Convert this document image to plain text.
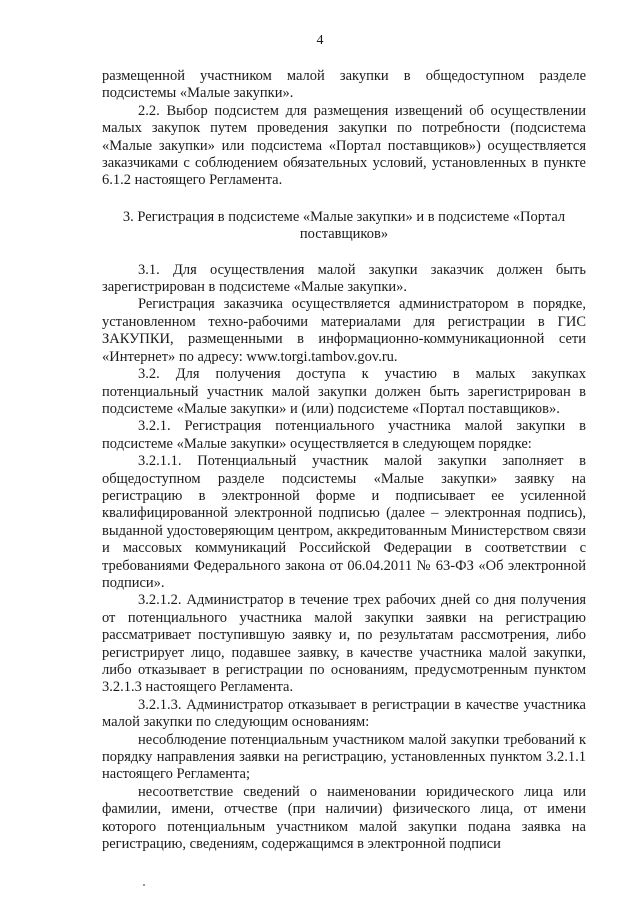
4

размещенной участником малой закупки в общедоступном разделе подсистемы «Малые закупки».

2.2. Выбор подсистем для размещения извещений об осуществлении малых закупок путем проведения закупки по потребности (подсистема «Малые закупки» или подсистема «Портал поставщиков») осуществляется заказчиками с соблюдением обязательных условий, установленных в пункте 6.1.2 настоящего Регламента.

3. Регистрация в подсистеме «Малые закупки» и в подсистеме «Портал поставщиков»

3.1. Для осуществления малой закупки заказчик должен быть зарегистрирован в подсистеме «Малые закупки».

Регистрация заказчика осуществляется администратором в порядке, установленном техно-рабочими материалами для регистрации в ГИС ЗАКУПКИ, размещенными в информационно-коммуникационной сети «Интернет» по адресу: www.torgi.tambov.gov.ru.

3.2. Для получения доступа к участию в малых закупках потенциальный участник малой закупки должен быть зарегистрирован в подсистеме «Малые закупки» и (или) подсистеме «Портал поставщиков».

3.2.1. Регистрация потенциального участника малой закупки в подсистеме «Малые закупки» осуществляется в следующем порядке:

3.2.1.1. Потенциальный участник малой закупки заполняет в общедоступном разделе подсистемы «Малые закупки» заявку на регистрацию в электронной форме и подписывает ее усиленной квалифицированной электронной подписью (далее – электронная подпись), выданной удостоверяющим центром, аккредитованным Министерством связи и массовых коммуникаций Российской Федерации в соответствии с требованиями Федерального закона от 06.04.2011 № 63-ФЗ «Об электронной подписи».

3.2.1.2. Администратор в течение трех рабочих дней со дня получения от потенциального участника малой закупки заявки на регистрацию рассматривает поступившую заявку и, по результатам рассмотрения, либо регистрирует лицо, подавшее заявку, в качестве участника малой закупки, либо отказывает в регистрации по основаниям, предусмотренным пунктом 3.2.1.3 настоящего Регламента.

3.2.1.3. Администратор отказывает в регистрации в качестве участника малой закупки по следующим основаниям:

несоблюдение потенциальным участником малой закупки требований к порядку направления заявки на регистрацию, установленных пунктом 3.2.1.1 настоящего Регламента;

несоответствие сведений о наименовании юридического лица или фамилии, имени, отчестве (при наличии) физического лица, от имени которого потенциальным участником малой закупки подана заявка на регистрацию, сведениям, содержащимся в электронной подписи
